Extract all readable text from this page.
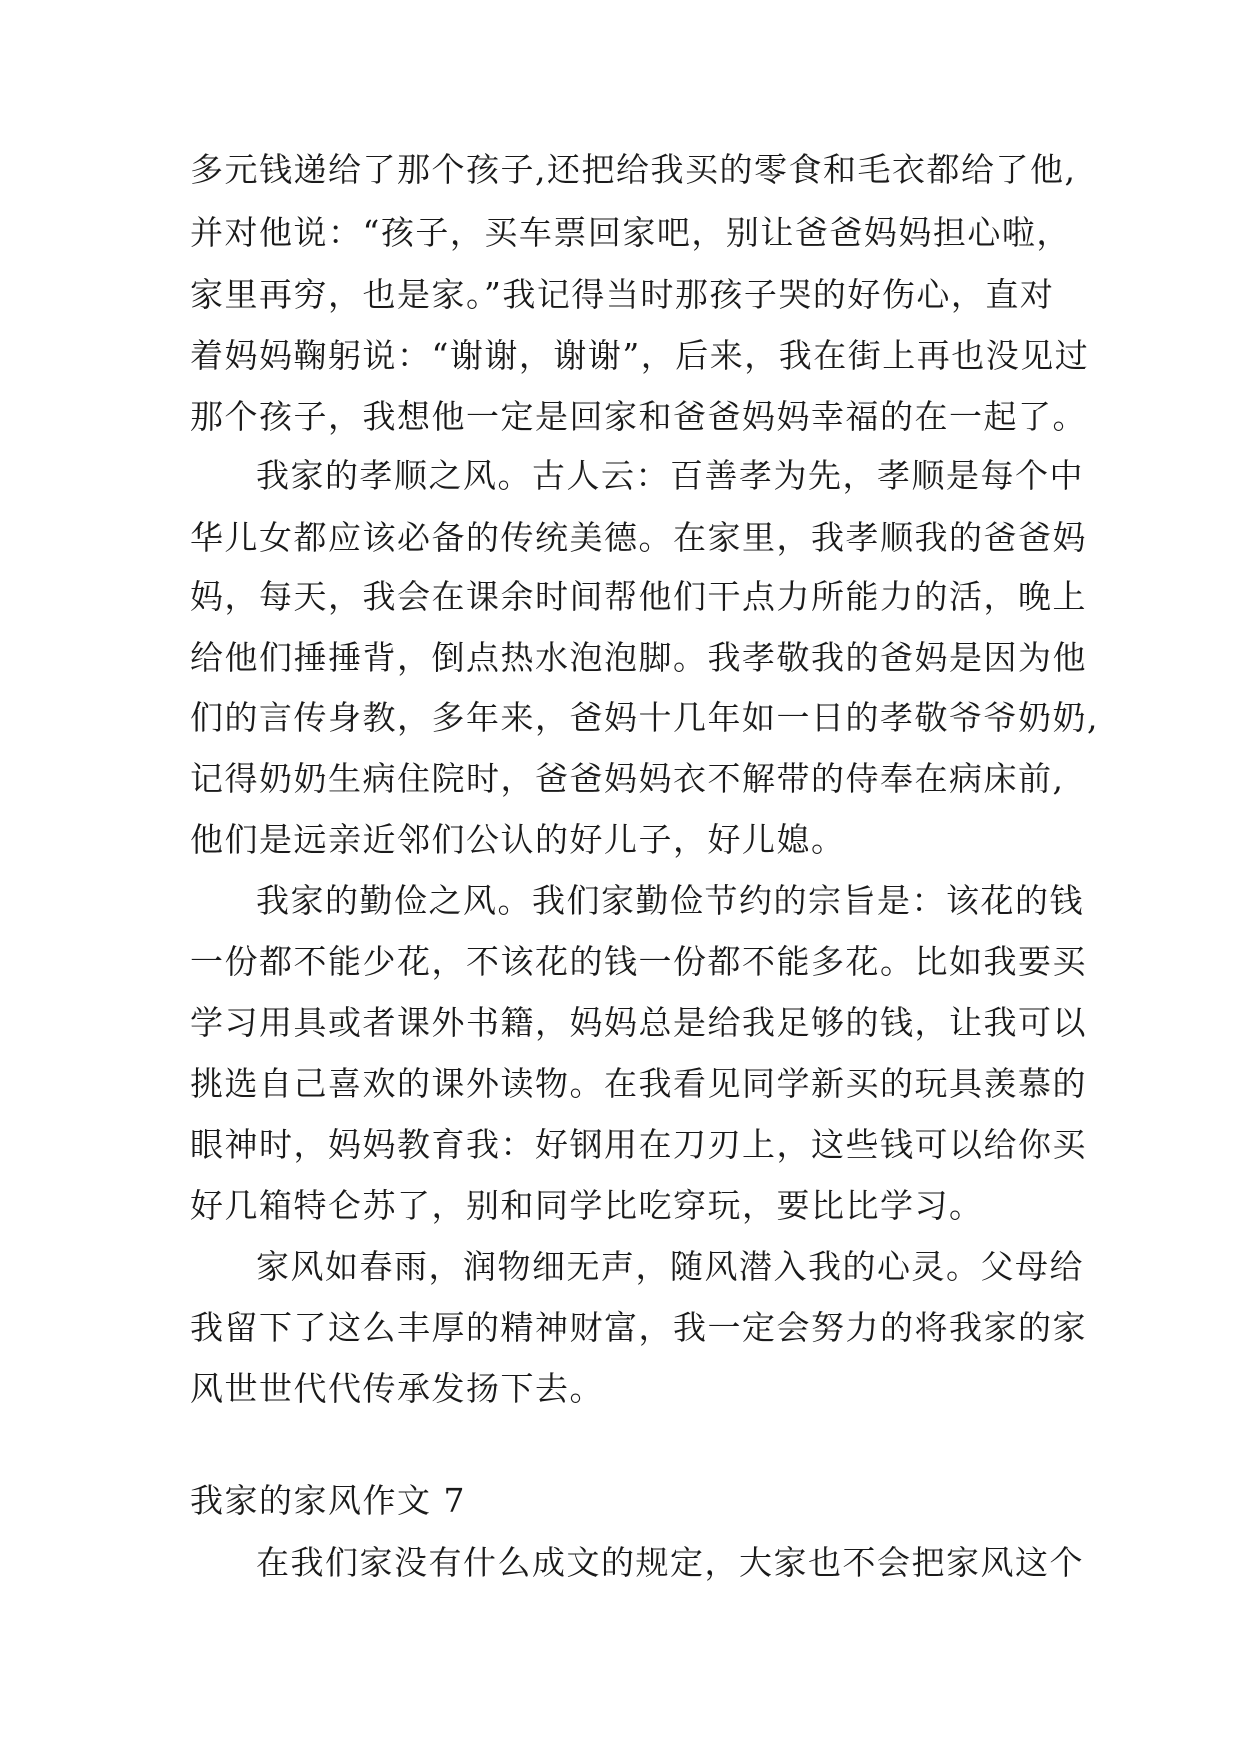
多元钱递给了那个孩子,还把给我买的零食和毛衣都给了他,
并对他说：“孩子，买车票回家吧，别让爸爸妈妈担心啦，
家里再穷，也是家。”我记得当时那孩子哭的好伤心，直对
着妈妈鞠躬说：“谢谢，谢谢”，后来，我在街上再也没见过
那个孩子，我想他一定是回家和爸爸妈妈幸福的在一起了。
我家的孝顺之风。古人云：百善孝为先，孝顺是每个中
华儿女都应该必备的传统美德。在家里，我孝顺我的爸爸妈
妈，每天，我会在课余时间帮他们干点力所能力的活，晚上
给他们捶捶背，倒点热水泡泡脚。我孝敬我的爸妈是因为他
们的言传身教，多年来，爸妈十几年如一日的孝敬爷爷奶奶,
记得奶奶生病住院时，爸爸妈妈衣不解带的侍奉在病床前,
他们是远亲近邻们公认的好儿子，好儿媳。
我家的勤俭之风。我们家勤俭节约的宗旨是：该花的钱
一份都不能少花，不该花的钱一份都不能多花。比如我要买
学习用具或者课外书籍，妈妈总是给我足够的钱，让我可以
挑选自己喜欢的课外读物。在我看见同学新买的玩具羡慕的
眼神时，妈妈教育我：好钢用在刀刃上，这些钱可以给你买
好几箱特仑苏了，别和同学比吃穿玩，要比比学习。
家风如春雨，润物细无声，随风潜入我的心灵。父母给
我留下了这么丰厚的精神财富，我一定会努力的将我家的家
风世世代代传承发扬下去。
我家的家风作文 7
在我们家没有什么成文的规定，大家也不会把家风这个
